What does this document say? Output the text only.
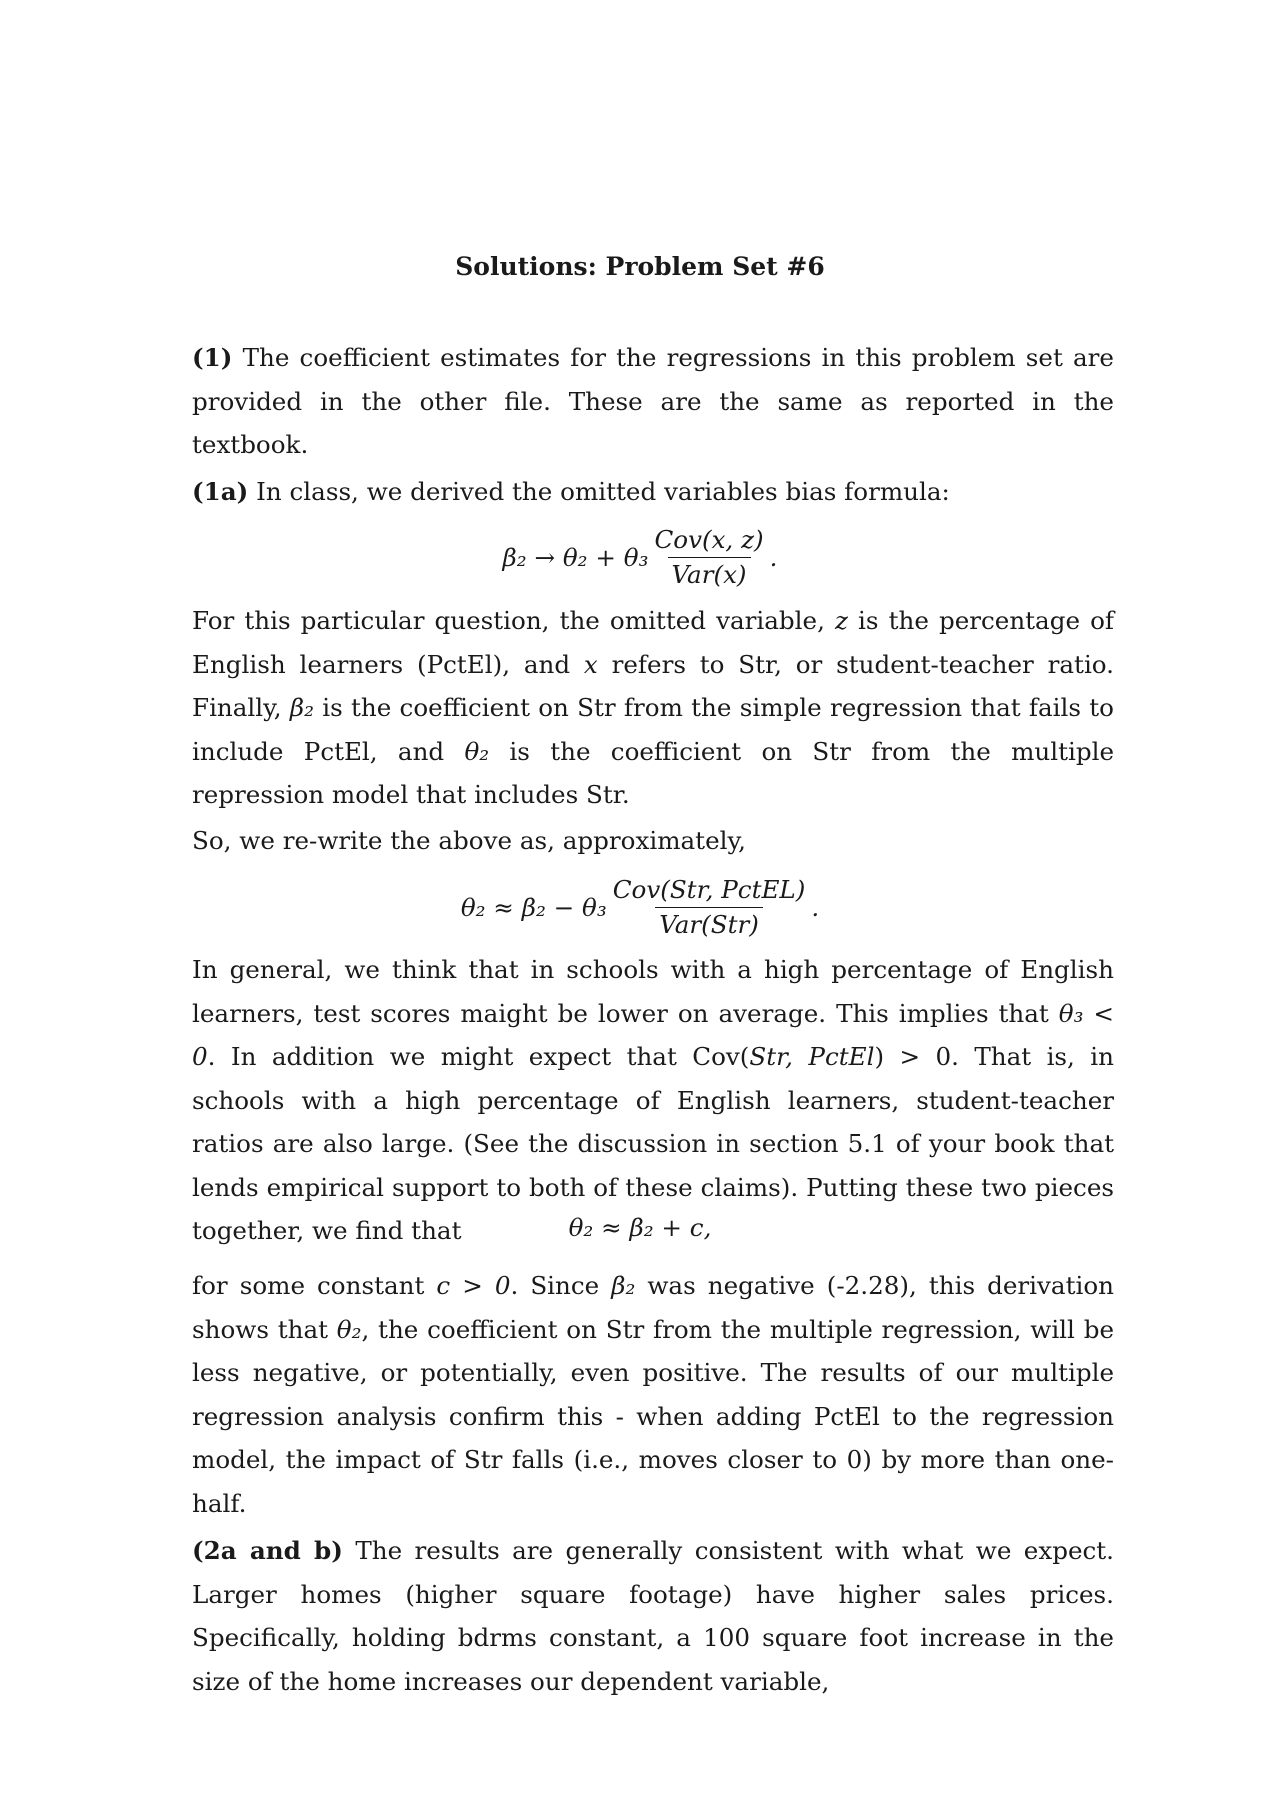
Solutions: Problem Set #6

(1) The coefficient estimates for the regressions in this problem set are provided in the other file. These are the same as reported in the textbook.

(1a) In class, we derived the omitted variables bias formula:

$\beta_2 \to \theta_2 + \theta_3 \frac{\text{Cov(x, z)}}{\text{Var(x)}}$ .

For this particular question, the omitted variable, z is the percentage of English learners (PctEl), and x refers to Str, or student-teacher ratio. Finally, β₂ is the coefficient on Str from the simple regression that fails to include PctEl, and θ₂ is the coefficient on Str from the multiple repression model that includes Str.

So, we re-write the above as, approximately,

$\theta_2 \approx \beta_2 - \theta_3 \frac{\text{Cov(Str, PctEL)}}{\text{Var(Str)}}$ .

In general, we think that in schools with a high percentage of English learners, test scores maight be lower on average. This implies that θ₃ < 0. In addition we might expect that Cov(Str, PctEl) > 0. That is, in schools with a high percentage of English learners, student-teacher ratios are also large. (See the discussion in section 5.1 of your book that lends empirical support to both of these claims). Putting these two pieces together, we find that	θ₂ ≈ β₂ + c,

for some constant c > 0. Since β₂ was negative (-2.28), this derivation shows that θ₂, the coefficient on Str from the multiple regression, will be less negative, or potentially, even positive. The results of our multiple regression analysis confirm this - when adding PctEl to the regression model, the impact of Str falls (i.e., moves closer to 0) by more than one-half.

(2a and b) The results are generally consistent with what we expect. Larger homes (higher square footage) have higher sales prices. Specifically, holding bdrms constant, a 100 square foot increase in the size of the home increases our dependent variable,
